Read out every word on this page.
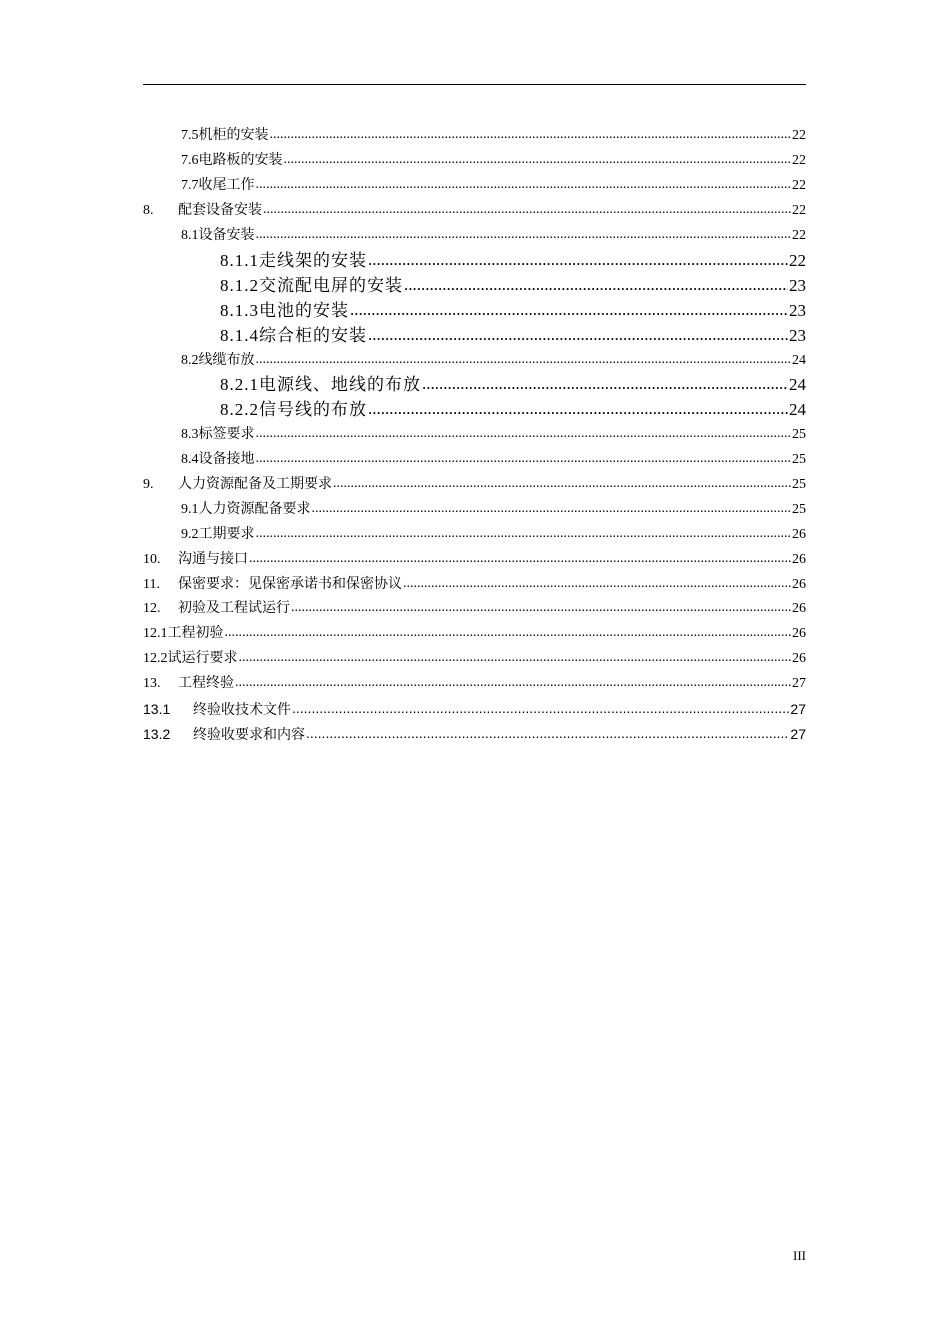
7.5 机柜的安装 .....	22
7.6 电路板的安装 .....	22
7.7 收尾工作 .....	22
8.	配套设备安装 .....	22
8.1 设备安装 .....	22
8.1.1 走线架的安装 .....	22
8.1.2 交流配电屏的安装 .....	23
8.1.3 电池的安装 .....	23
8.1.4 综合柜的安装 .....	23
8.2 线缆布放 .....	24
8.2.1 电源线、地线的布放 .....	24
8.2.2 信号线的布放 .....	24
8.3 标签要求 .....	25
8.4 设备接地 .....	25
9.	人力资源配备及工期要求 .....	25
9.1 人力资源配备要求 .....	25
9.2 工期要求 .....	26
10.	沟通与接口 .....	26
11.	保密要求：见保密承诺书和保密协议 .....	26
12.	初验及工程试运行 .....	26
12.1 工程初验 .....	26
12.2 试运行要求 .....	26
13.	工程终验 .....	27
13.1	终验收技术文件 .....	27
13.2	终验收要求和内容 .....	27
III
